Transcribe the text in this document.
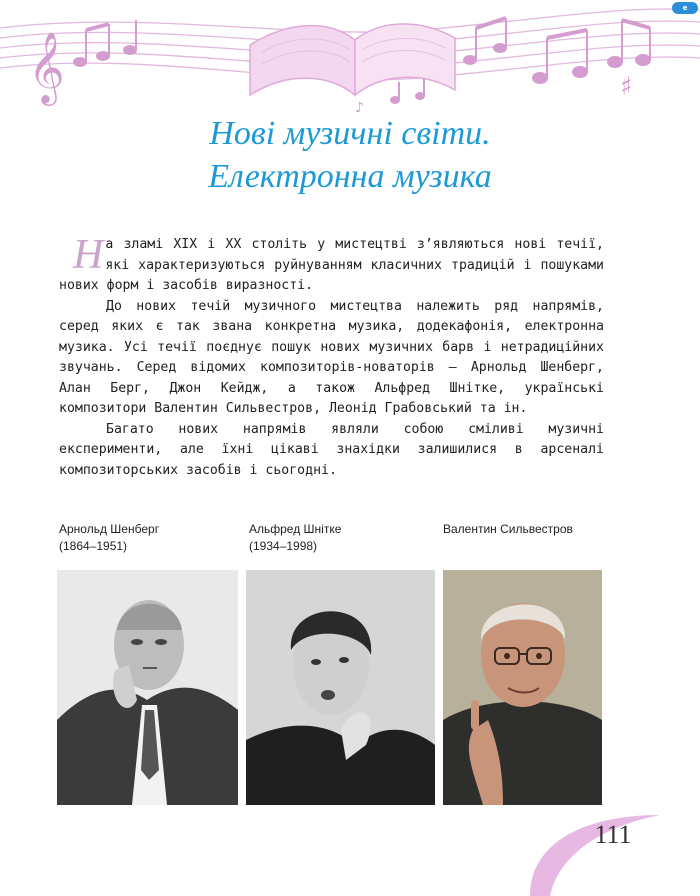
𝄞	♯
♪
e
Нові музичні світи.
Електронна музика

На зламі XIX і XX століть у мистецтві з’являються нові течії, які характеризуються руйнуванням класичних традицій і пошуками нових форм і засобів виразності.

До нових течій музичного мистецтва належить ряд напрямів, серед яких є так звана конкретна музика, додекафонія, електронна музика. Усі течії поєднує пошук нових музичних барв і нетрадиційних звучань. Серед відомих композиторів-новаторів — Арнольд Шенберг, Алан Берг, Джон Кейдж, а також Альфред Шнітке, українські композитори Валентин Сильвестров, Леонід Грабовський та ін.

Багато нових напрямів являли собою сміливі музичні експерименти, але їхні цікаві знахідки залишилися в арсеналі композиторських засобів і сьогодні.

Арнольд Шенберг
(1864–1951)
Альфред Шнітке
(1934–1998)
Валентин Сильвестров
111
